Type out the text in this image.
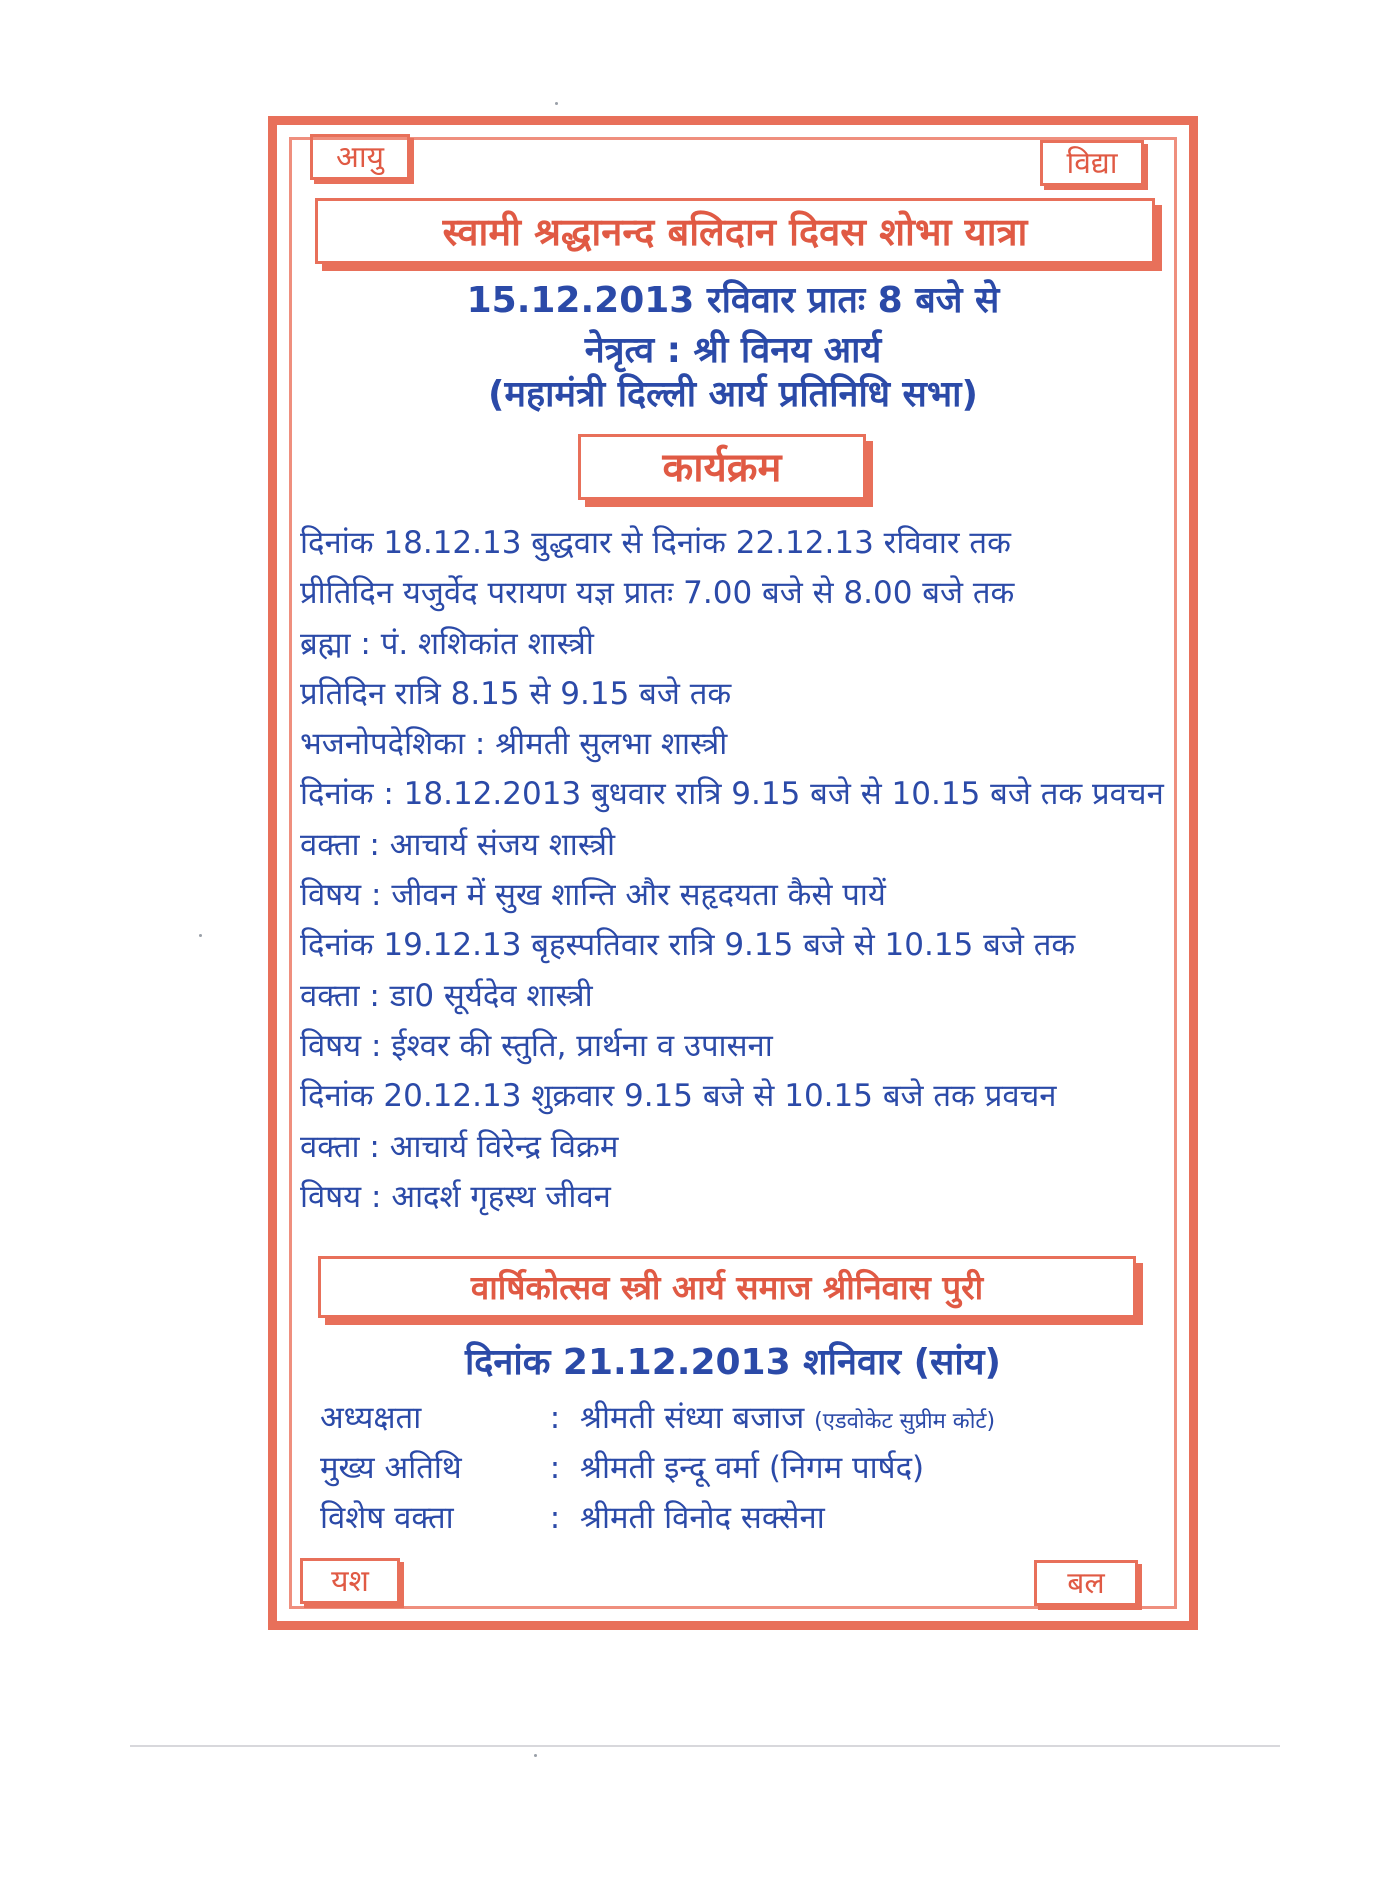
आयु	विद्या
स्वामी श्रद्धानन्द बलिदान दिवस शोभा यात्रा
15.12.2013 रविवार प्रातः 8 बजे से
नेत्रृत्व : श्री विनय आर्य
(महामंत्री दिल्ली आर्य प्रतिनिधि सभा)
कार्यक्रम
दिनांक 18.12.13 बुद्धवार से दिनांक 22.12.13 रविवार तक
प्रीतिदिन यजुर्वेद परायण यज्ञ प्रातः 7.00 बजे से 8.00 बजे तक
ब्रह्मा : पं. शशिकांत शास्त्री
प्रतिदिन रात्रि 8.15 से 9.15 बजे तक
भजनोपदेशिका : श्रीमती सुलभा शास्त्री
दिनांक : 18.12.2013 बुधवार रात्रि 9.15 बजे से 10.15 बजे तक प्रवचन
वक्ता : आचार्य संजय शास्त्री
विषय : जीवन में सुख शान्ति और सहृदयता कैसे पायें
दिनांक 19.12.13 बृहस्पतिवार रात्रि 9.15 बजे से 10.15 बजे तक
वक्ता : डा0 सूर्यदेव शास्त्री
विषय : ईश्वर की स्तुति, प्रार्थना व उपासना
दिनांक 20.12.13 शुक्रवार 9.15 बजे से 10.15 बजे तक प्रवचन
वक्ता : आचार्य विरेन्द्र विक्रम
विषय : आदर्श गृहस्थ जीवन
वार्षिकोत्सव स्त्री आर्य समाज श्रीनिवास पुरी
दिनांक 21.12.2013 शनिवार (सांय)
अध्यक्षता	: श्रीमती संध्या बजाज (एडवोकेट सुप्रीम कोर्ट)
मुख्य अतिथि	: श्रीमती इन्दू वर्मा (निगम पार्षद)
विशेष वक्ता	: श्रीमती विनोद सक्सेना
यश	बल
